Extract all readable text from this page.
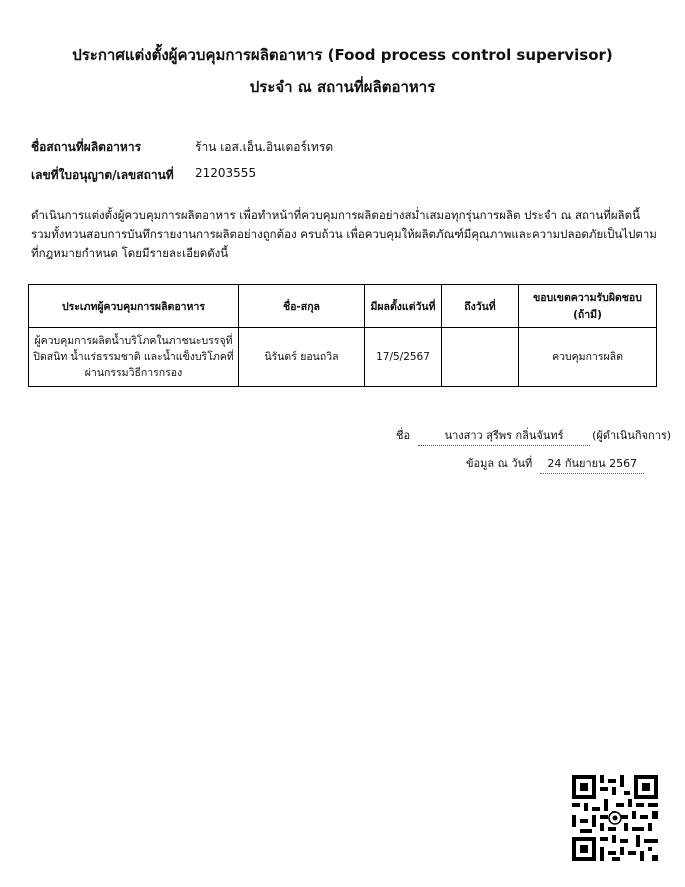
ประกาศแต่งตั้งผู้ควบคุมการผลิตอาหาร (Food process control supervisor)
ประจำ ณ สถานที่ผลิตอาหาร
ชื่อสถานที่ผลิตอาหาร	ร้าน เอส.เอ็น.อินเตอร์เทรด
เลขที่ใบอนุญาต/เลขสถานที่ 21203555

ดำเนินการแต่งตั้งผู้ควบคุมการผลิตอาหาร เพื่อทำหน้าที่ควบคุมการผลิตอย่างสม่ำเสมอทุกรุ่นการผลิต ประจำ ณ สถานที่ผลิตนี้ รวมทั้งทวนสอบการบันทึกรายงานการผลิตอย่างถูกต้อง ครบถ้วน เพื่อควบคุมให้ผลิตภัณฑ์มีคุณภาพและความปลอดภัยเป็นไปตามที่กฎหมายกำหนด โดยมีรายละเอียดดังนี้

ประเภทผู้ควบคุมการผลิตอาหาร	ชื่อ-สกุล	มีผลตั้งแต่วันที่	ถึงวันที่	ขอบเขตความรับผิดชอบ (ถ้ามี)
ผู้ควบคุมการผลิตน้ำบริโภคในภาชนะบรรจุที่ปิดสนิท น้ำแร่ธรรมชาติ และน้ำแข็งบริโภคที่ผ่านกรรมวิธีการกรอง	นิรันดร์ ยอนถวิล	17/5/2567		ควบคุมการผลิต
ชื่อ	นางสาว สุรีพร กลิ่นจันทร์	(ผู้ดำเนินกิจการ)
ข้อมูล ณ วันที่ 24 กันยายน 2567
